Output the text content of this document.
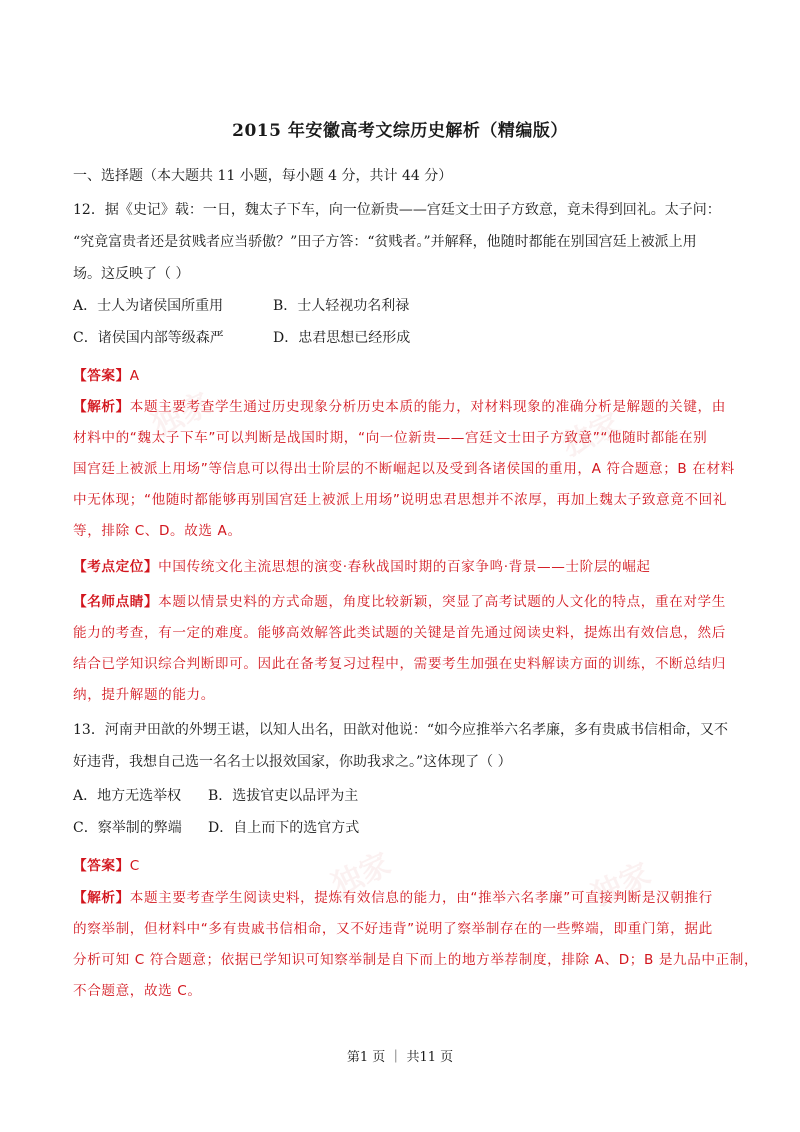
独家	独家
独家	独家
2015 年安徽高考文综历史解析（精编版）
一、选择题（本大题共 11 小题，每小题 4 分，共计 44 分）
12．据《史记》载：一日，魏太子下车，向一位新贵——宫廷文士田子方致意，竟未得到回礼。太子问：
“究竟富贵者还是贫贱者应当骄傲？”田子方答：“贫贱者。”并解释，他随时都能在别国宫廷上被派上用
场。这反映了（ ）
A．士人为诸侯国所重用	B．士人轻视功名利禄
C．诸侯国内部等级森严	D．忠君思想已经形成
【答案】A
【解析】本题主要考查学生通过历史现象分析历史本质的能力，对材料现象的准确分析是解题的关键，由
材料中的“魏太子下车”可以判断是战国时期，“向一位新贵——宫廷文士田子方致意”“他随时都能在别
国宫廷上被派上用场”等信息可以得出士阶层的不断崛起以及受到各诸侯国的重用，A 符合题意；B 在材料
中无体现；“他随时都能够再别国宫廷上被派上用场”说明忠君思想并不浓厚，再加上魏太子致意竟不回礼
等，排除 C、D。故选 A。
【考点定位】中国传统文化主流思想的演变·春秋战国时期的百家争鸣·背景——士阶层的崛起
【名师点睛】本题以情景史料的方式命题，角度比较新颖，突显了高考试题的人文化的特点，重在对学生
能力的考查，有一定的难度。能够高效解答此类试题的关键是首先通过阅读史料，提炼出有效信息，然后
结合已学知识综合判断即可。因此在备考复习过程中，需要考生加强在史料解读方面的训练，不断总结归
纳，提升解题的能力。
13．河南尹田歆的外甥王谌，以知人出名，田歆对他说：“如今应推举六名孝廉，多有贵戚书信相命，又不
好违背，我想自己选一名名士以报效国家，你助我求之。”这体现了（ ）
A．地方无选举权 B．选拔官吏以品评为主
C．察举制的弊端 D．自上而下的选官方式
【答案】C
【解析】本题主要考查学生阅读史料，提炼有效信息的能力，由“推举六名孝廉”可直接判断是汉朝推行
的察举制，但材料中“多有贵戚书信相命，又不好违背”说明了察举制存在的一些弊端，即重门第，据此
分析可知 C 符合题意；依据已学知识可知察举制是自下而上的地方举荐制度，排除 A、D；B 是九品中正制，
不合题意，故选 C。
第1 页 ｜ 共11 页
